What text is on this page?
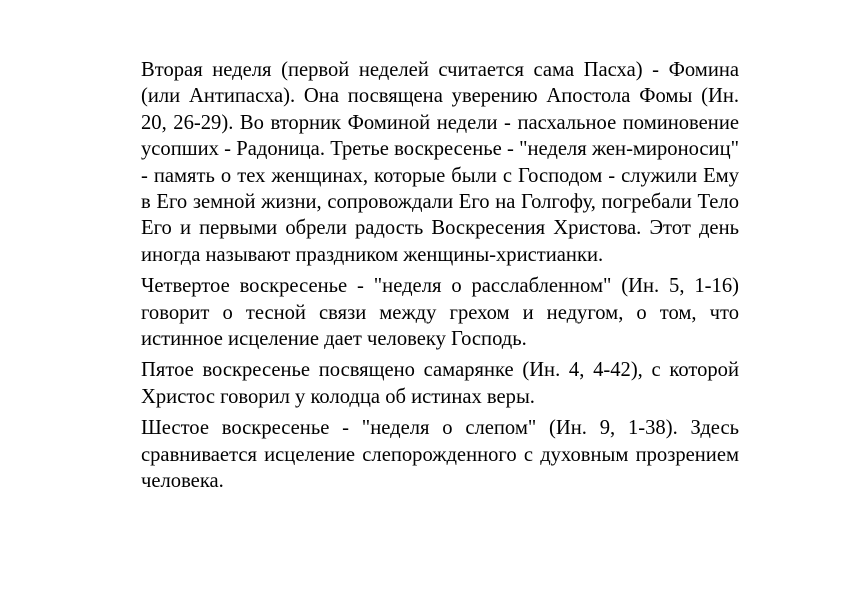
Вторая неделя (первой неделей считается сама Пасха) - Фомина (или Антипасха). Она посвящена уверению Апостола Фомы (Ин. 20, 26-29). Во вторник Фоминой недели - пасхальное поминовение усопших - Радоница. Третье воскресенье - "неделя жен-мироносиц" - память о тех женщинах, которые были с Господом - служили Ему в Его земной жизни, сопровождали Его на Голгофу, погребали Тело Его и первыми обрели радость Воскресения Христова. Этот день иногда называют праздником женщины-христианки.

Четвертое воскресенье - "неделя о расслабленном" (Ин. 5, 1-16) говорит о тесной связи между грехом и недугом, о том, что истинное исцеление дает человеку Господь.

Пятое воскресенье посвящено самарянке (Ин. 4, 4-42), с которой Христос говорил у колодца об истинах веры.

Шестое воскресенье - "неделя о слепом" (Ин. 9, 1-38). Здесь сравнивается исцеление слепорожденного с духовным прозрением человека.
